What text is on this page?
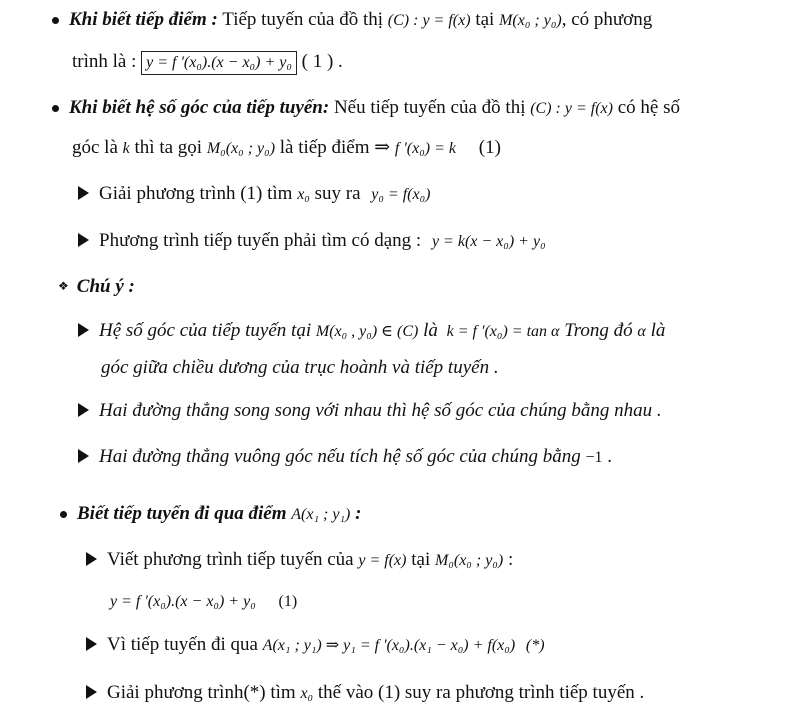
Khi biết tiếp điểm : Tiếp tuyến của đồ thị (C) : y = f(x) tại M(x₀ ; y₀), có phương
trình là : y = f '(x₀).(x − x₀) + y₀ ( 1 ) .
Khi biết hệ số góc của tiếp tuyến: Nếu tiếp tuyến của đồ thị (C) : y = f(x) có hệ số
góc là k thì ta gọi M₀(x₀ ; y₀) là tiếp điểm ⇒ f '(x₀) = k (1)
Giải phương trình (1) tìm x₀ suy ra y₀ = f(x₀)
Phương trình tiếp tuyến phải tìm có dạng : y = k(x − x₀) + y₀
❖ Chú ý :
Hệ số góc của tiếp tuyến tại M(x₀ , y₀) ∈ (C) là k = f ′(x₀) = tan α Trong đó α là
góc giữa chiều dương của trục hoành và tiếp tuyến .
Hai đường thẳng song song với nhau thì hệ số góc của chúng bằng nhau .
Hai đường thẳng vuông góc nếu tích hệ số góc của chúng bằng −1 .
Biết tiếp tuyến đi qua điểm A(x₁ ; y₁) :
Viết phương trình tiếp tuyến của y = f(x) tại M₀(x₀ ; y₀) :
y = f '(x₀).(x − x₀) + y₀ (1)
Vì tiếp tuyến đi qua A(x₁ ; y₁) ⇒ y₁ = f '(x₀).(x₁ − x₀) + f(x₀) (*)
Giải phương trình(*) tìm x₀ thế vào (1) suy ra phương trình tiếp tuyến .
